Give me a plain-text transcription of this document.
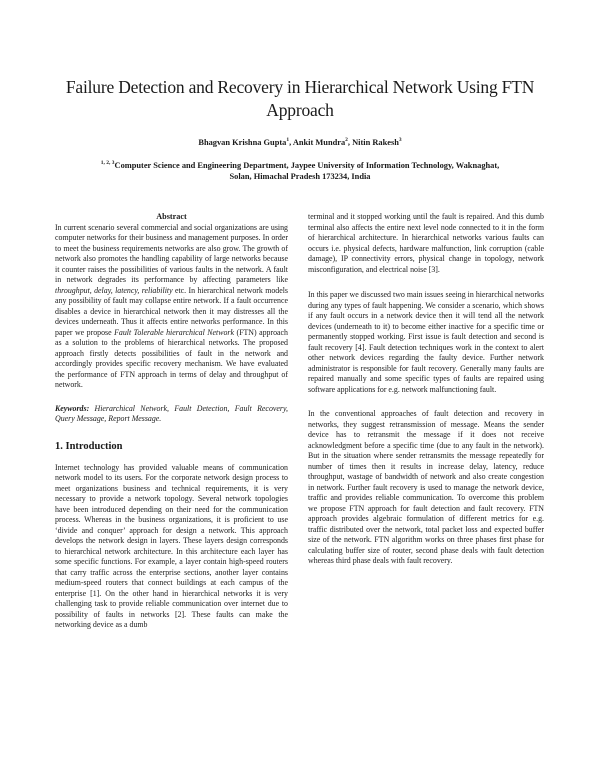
Failure Detection and Recovery in Hierarchical Network Using FTN Approach
Bhagvan Krishna Gupta$^1$, Ankit Mundra$^2$, Nitin Rakesh$^3$
$^{1, 2, 3}$Computer Science and Engineering Department, Jaypee University of Information Technology, Waknaghat,
Solan, Himachal Pradesh 173234, India

Abstract

In current scenario several commercial and social organizations are using computer networks for their business and management purposes. In order to meet the business requirements networks are also grow. The growth of network also promotes the handling capability of large networks because it counter raises the possibilities of various faults in the network. A fault in network degrades its performance by affecting parameters like throughput, delay, latency, reliability etc. In hierarchical network models any possibility of fault may collapse entire network. If a fault occurrence disables a device in hierarchical network then it may distresses all the devices underneath. Thus it affects entire networks performance. In this paper we propose Fault Tolerable hierarchical Network (FTN) approach as a solution to the problems of hierarchical networks. The proposed approach firstly detects possibilities of fault in the network and accordingly provides specific recovery mechanism. We have evaluated the performance of FTN approach in terms of delay and throughput of network.

Keywords: Hierarchical Network, Fault Detection, Fault Recovery, Query Message, Report Message.

1. Introduction

Internet technology has provided valuable means of communication network model to its users. For the corporate network design process to meet organizations business and technical requirements, it is very necessary to provide a network topology. Several network topologies have been introduced depending on their need for the communication process. Whereas in the business organizations, it is proficient to use ‘divide and conquer’ approach for design a network. This approach develops the network design in layers. These layers design corresponds to hierarchical network architecture. In this architecture each layer has some specific functions. For example, a layer contain high-speed routers that carry traffic across the enterprise sections, another layer contains medium-speed routers that connect buildings at each campus of the enterprise [1]. On the other hand in hierarchical networks it is very challenging task to provide reliable communication over internet due to possibility of faults in networks [2]. These faults can make the networking device as a dumb

terminal and it stopped working until the fault is repaired. And this dumb terminal also affects the entire next level node connected to it in the form of hierarchical architecture. In hierarchical networks various faults can occurs i.e. physical defects, hardware malfunction, link corruption (cable damage), IP connectivity errors, physical change in topology, network misconfiguration, and electrical noise [3].

In this paper we discussed two main issues seeing in hierarchical networks during any types of fault happening. We consider a scenario, which shows if any fault occurs in a network device then it will tend all the network devices (underneath to it) to become either inactive for a specific time or permanently stopped working. First issue is fault detection and second is fault recovery [4]. Fault detection techniques work in the context to alert other network devices regarding the faulty device. Further network administrator is responsible for fault recovery. Generally many faults are repaired manually and some specific types of faults are repaired using software applications for e.g. network malfunctioning fault.

In the conventional approaches of fault detection and recovery in networks, they suggest retransmission of message. Means the sender device has to retransmit the message if it does not receive acknowledgment before a specific time (due to any fault in the network). But in the situation where sender retransmits the message repeatedly for number of times then it results in increase delay, latency, reduce throughput, wastage of bandwidth of network and also create congestion in network. Further fault recovery is used to manage the network device, traffic and provides reliable communication. To overcome this problem we propose FTN approach for fault detection and fault recovery. FTN approach provides algebraic formulation of different metrics for e.g. traffic distributed over the network, total packet loss and expected buffer size of the network. FTN algorithm works on three phases first phase for calculating buffer size of router, second phase deals with fault detection whereas third phase deals with fault recovery.
